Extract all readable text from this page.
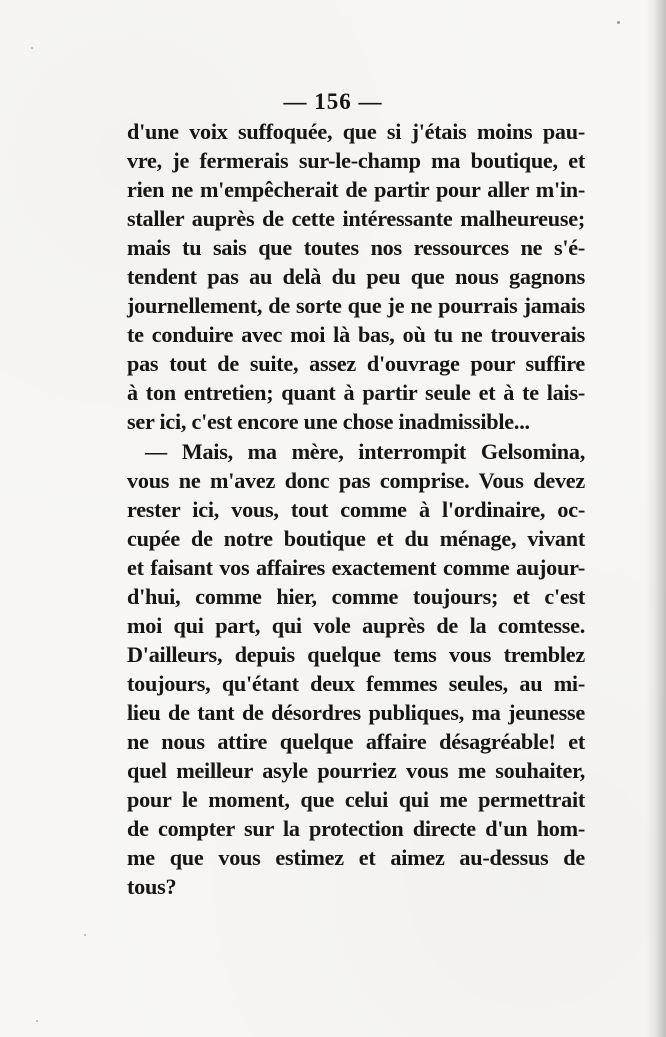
— 156 —
d'une voix suffoquée, que si j'étais moins pau-
vre, je fermerais sur-le-champ ma boutique, et
rien ne m'empêcherait de partir pour aller m'in-
staller auprès de cette intéressante malheureuse;
mais tu sais que toutes nos ressources ne s'é-
tendent pas au delà du peu que nous gagnons
journellement, de sorte que je ne pourrais jamais
te conduire avec moi là bas, où tu ne trouverais
pas tout de suite, assez d'ouvrage pour suffire
à ton entretien; quant à partir seule et à te lais-
ser ici, c'est encore une chose inadmissible...
— Mais, ma mère, interrompit Gelsomina,
vous ne m'avez donc pas comprise. Vous devez
rester ici, vous, tout comme à l'ordinaire, oc-
cupée de notre boutique et du ménage, vivant
et faisant vos affaires exactement comme aujour-
d'hui, comme hier, comme toujours; et c'est
moi qui part, qui vole auprès de la comtesse.
D'ailleurs, depuis quelque tems vous tremblez
toujours, qu'étant deux femmes seules, au mi-
lieu de tant de désordres publiques, ma jeunesse
ne nous attire quelque affaire désagréable! et
quel meilleur asyle pourriez vous me souhaiter,
pour le moment, que celui qui me permettrait
de compter sur la protection directe d'un hom-
me que vous estimez et aimez au-dessus de
tous?
